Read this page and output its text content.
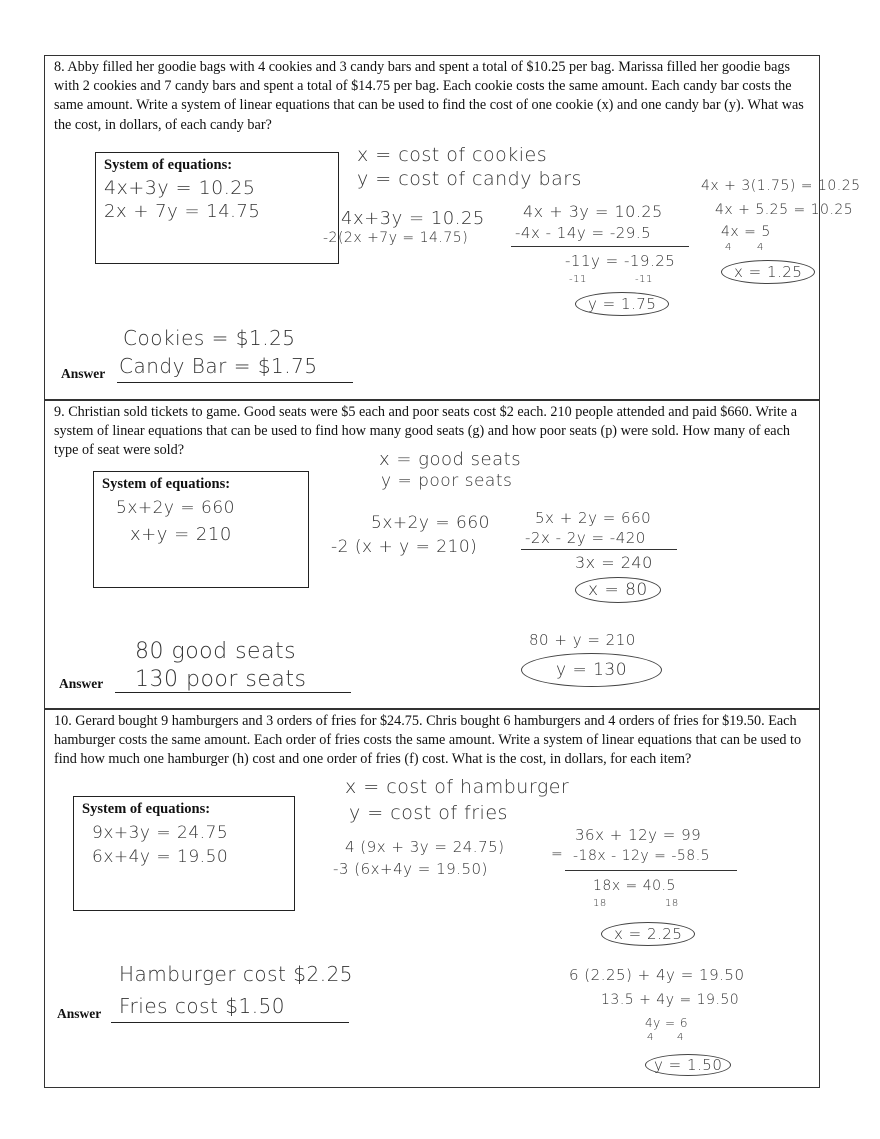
8. Abby filled her goodie bags with 4 cookies and 3 candy bars and spent a total of $10.25 per bag. Marissa filled her goodie bags with 2 cookies and 7 candy bars and spent a total of $14.75 per bag. Each cookie costs the same amount. Each candy bar costs the same amount. Write a system of linear equations that can be used to find the cost of one cookie (x) and one candy bar (y). What was the cost, in dollars, of each candy bar?

System of equations:
4x+3y = 10.25
2x + 7y = 14.75
x = cost of cookies
y = cost of candy bars
4x+3y = 10.25
-2(2x +7y = 14.75)
4x + 3y = 10.25
-4x - 14y = -29.5
-11y = -19.25
-11	-11
y = 1.75
4x + 3(1.75) = 10.25
4x + 5.25 = 10.25
4x = 5
4	4
x = 1.25
Cookies = $1.25
Answer Candy Bar = $1.75

9. Christian sold tickets to game. Good seats were $5 each and poor seats cost $2 each. 210 people attended and paid $660. Write a system of linear equations that can be used to find how many good seats (g) and how poor seats (p) were sold. How many of each type of seat were sold?

System of equations:
5x+2y = 660
x+y = 210
x = good seats
y = poor seats
5x+2y = 660
-2 (x + y = 210)
5x + 2y = 660
-2x - 2y = -420
3x = 240
x = 80
80 + y = 210
y = 130
80 good seats
Answer 130 poor seats

10. Gerard bought 9 hamburgers and 3 orders of fries for $24.75. Chris bought 6 hamburgers and 4 orders of fries for $19.50. Each hamburger costs the same amount. Each order of fries costs the same amount. Write a system of linear equations that can be used to find how much one hamburger (h) cost and one order of fries (f) cost. What is the cost, in dollars, for each item?

System of equations:
9x+3y = 24.75
6x+4y = 19.50
x = cost of hamburger
y = cost of fries
4 (9x + 3y = 24.75)
-3 (6x+4y = 19.50)
=
36x + 12y = 99
-18x - 12y = -58.5
18x = 40.5
18	18
x = 2.25
6 (2.25) + 4y = 19.50
13.5 + 4y = 19.50
4y = 6
4 4
y = 1.50
Hamburger cost $2.25
Answer Fries cost $1.50
